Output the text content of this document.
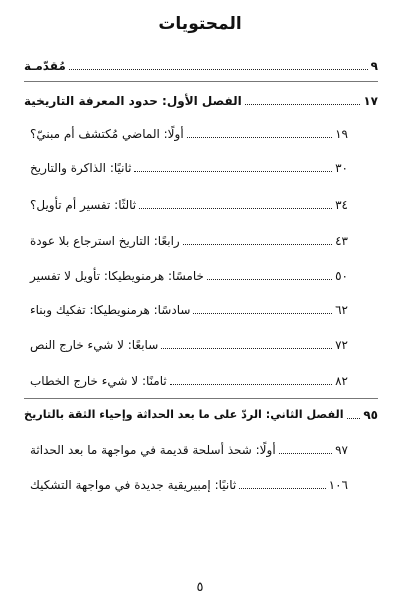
المحتويات
مُقدّمـة	٩
الفصل الأول: حدود المعرفة التاريخية	١٧
أولًا: الماضي مُكتشف أم مبنيّ؟	١٩
ثانيًا: الذاكرة والتاريخ	٣٠
ثالثًا: تفسير أم تأويل؟	٣٤
رابعًا: التاريخ استرجاع بلا عودة	٤٣
خامسًا: هرمنويطيكا: تأويل لا تفسير	٥٠
سادسًا: هرمنويطيكا: تفكيك وبناء	٦٢
سابعًا: لا شيء خارج النص	٧٢
ثامنًا: لا شيء خارج الخطاب	٨٢
الفصل الثاني: الردّ على ما بعد الحداثة وإحياء الثقة بالتاريخ ٩٥
أولًا: شحذ أسلحة قديمة في مواجهة ما بعد الحداثة	٩٧
ثانيًا: إمبيريقية جديدة في مواجهة التشكيك	١٠٦
٥
